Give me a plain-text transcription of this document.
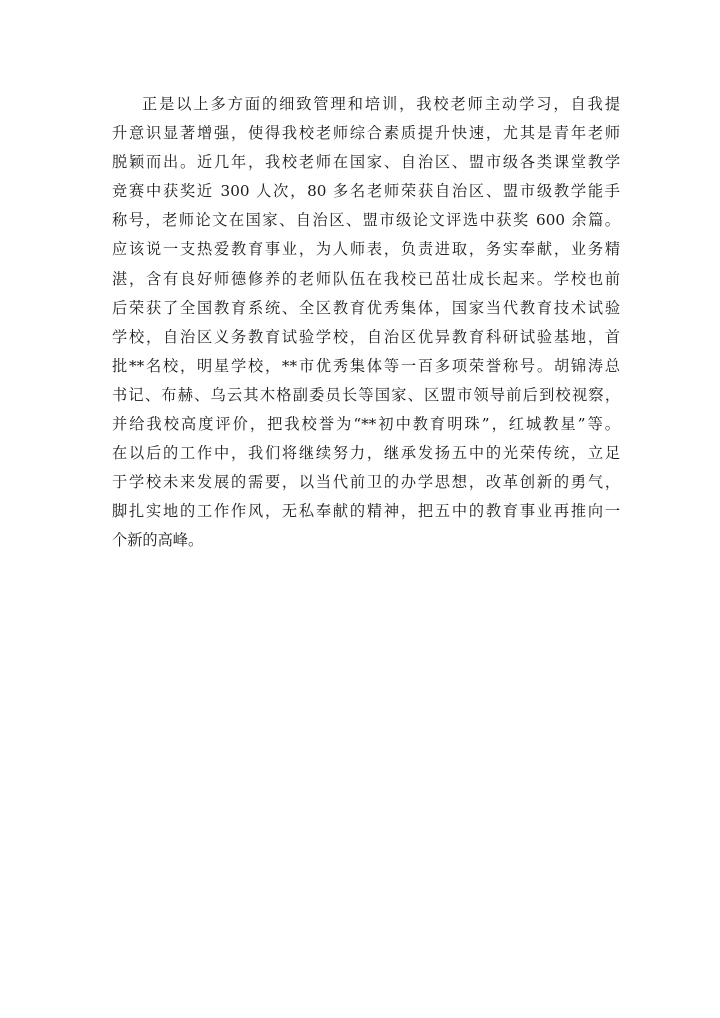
正是以上多方面的细致管理和培训，我校老师主动学习，自我提
升意识显著增强，使得我校老师综合素质提升快速，尤其是青年老师
脱颖而出。近几年，我校老师在国家、自治区、盟市级各类课堂教学
竞赛中获奖近 300 人次，80 多名老师荣获自治区、盟市级教学能手
称号，老师论文在国家、自治区、盟市级论文评选中获奖 600 余篇。
应该说一支热爱教育事业，为人师表，负责进取，务实奉献，业务精
湛，含有良好师德修养的老师队伍在我校已茁壮成长起来。学校也前
后荣获了全国教育系统、全区教育优秀集体，国家当代教育技术试验
学校，自治区义务教育试验学校，自治区优异教育科研试验基地，首
批**名校，明星学校，**市优秀集体等一百多项荣誉称号。胡锦涛总
书记、布赫、乌云其木格副委员长等国家、区盟市领导前后到校视察，
并给我校高度评价，把我校誉为“**初中教育明珠”，红城教星”等。
在以后的工作中，我们将继续努力，继承发扬五中的光荣传统，立足
于学校未来发展的需要，以当代前卫的办学思想，改革创新的勇气，
脚扎实地的工作作风，无私奉献的精神，把五中的教育事业再推向一
个新的高峰。
